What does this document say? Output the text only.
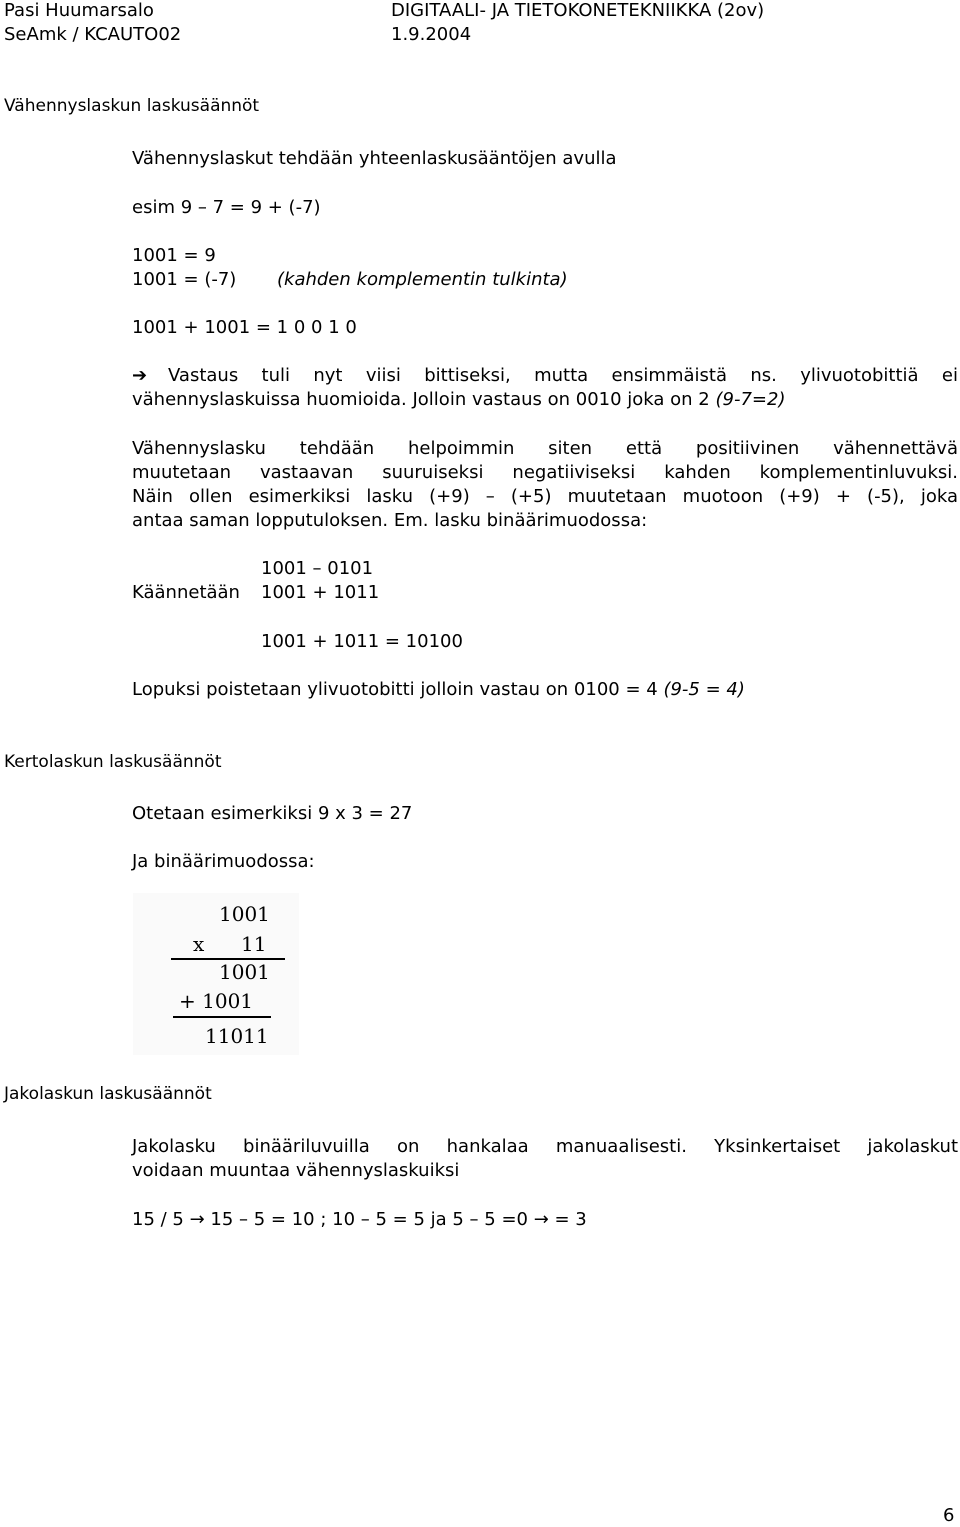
Pasi Huumarsalo	DIGITAALI- JA TIETOKONETEKNIIKKA (2ov)
SeAmk / KCAUTO02	1.9.2004
Vähennyslaskun laskusäännöt
Vähennyslaskut tehdään yhteenlaskusääntöjen avulla
esim 9 – 7 = 9 + (-7)
1001 = 9
1001 = (-7) (kahden komplementin tulkinta)
1001 + 1001 = 1 0 0 1 0
➔ Vastaus tuli nyt viisi bittiseksi, mutta ensimmäistä ns. ylivuotobittiä ei
vähennyslaskuissa huomioida. Jolloin vastaus on 0010 joka on 2 (9-7=2)
Vähennyslasku tehdään helpoimmin siten että positiivinen vähennettävä
muutetaan vastaavan suuruiseksi negatiiviseksi kahden komplementinluvuksi.
Näin ollen esimerkiksi lasku (+9) – (+5) muutetaan muotoon (+9) + (-5), joka
antaa saman lopputuloksen. Em. lasku binäärimuodossa:
1001 – 0101
Käännetään 1001 + 1011
1001 + 1011 = 10100
Lopuksi poistetaan ylivuotobitti jolloin vastau on 0100 = 4 (9-5 = 4)
Kertolaskun laskusäännöt
Otetaan esimerkiksi 9 x 3 = 27
Ja binäärimuodossa:
1001
x 11
1001
+ 1001
11011
Jakolaskun laskusäännöt
Jakolasku binääriluvuilla on hankalaa manuaalisesti. Yksinkertaiset jakolaskut
voidaan muuntaa vähennyslaskuiksi
15 / 5 → 15 – 5 = 10 ; 10 – 5 = 5 ja 5 – 5 =0 → = 3
6
